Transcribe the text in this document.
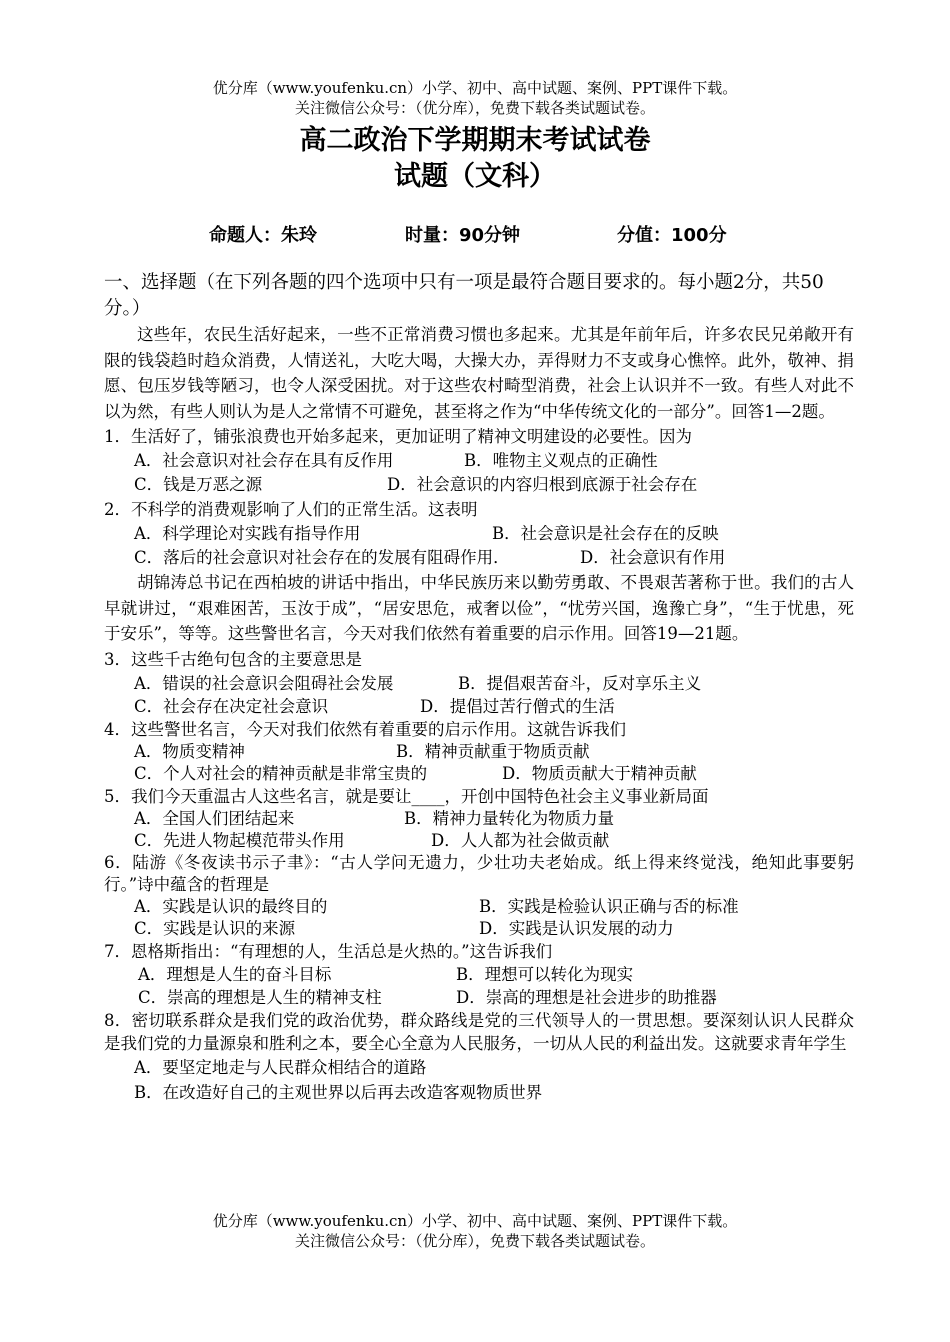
优分库（www.youfenku.cn）小学、初中、高中试题、案例、PPT课件下载。
关注微信公众号：（优分库），免费下载各类试题试卷。
高二政治下学期期末考试试卷
试题（文科）
命题人：朱玲	时量：90分钟	分值：100分

一、选择题（在下列各题的四个选项中只有一项是最符合题目要求的。每小题2分，共50分。）

这些年，农民生活好起来，一些不正常消费习惯也多起来。尤其是年前年后，许多农民兄弟敞开有限的钱袋趋时趋众消费，人情送礼，大吃大喝，大操大办，弄得财力不支或身心憔悴。此外，敬神、捐愿、包压岁钱等陋习，也令人深受困扰。对于这些农村畸型消费，社会上认识并不一致。有些人对此不以为然，有些人则认为是人之常情不可避免，甚至将之作为“中华传统文化的一部分”。回答1—2题。

1．生活好了，铺张浪费也开始多起来，更加证明了精神文明建设的必要性。因为

A．社会意识对社会存在具有反作用	B．唯物主义观点的正确性
C．钱是万恶之源	D．社会意识的内容归根到底源于社会存在

2．不科学的消费观影响了人们的正常生活。这表明

A．科学理论对实践有指导作用	B．社会意识是社会存在的反映
C．落后的社会意识对社会存在的发展有阻碍作用．	D．社会意识有作用

胡锦涛总书记在西柏坡的讲话中指出，中华民族历来以勤劳勇敢、不畏艰苦著称于世。我们的古人早就讲过，“艰难困苦，玉汝于成”，“居安思危，戒奢以俭”，“忧劳兴国，逸豫亡身”，“生于忧患，死于安乐”，等等。这些警世名言，今天对我们依然有着重要的启示作用。回答19—21题。

3．这些千古绝句包含的主要意思是

A．错误的社会意识会阻碍社会发展	B．提倡艰苦奋斗，反对享乐主义
C．社会存在决定社会意识	D．提倡过苦行僧式的生活

4．这些警世名言，今天对我们依然有着重要的启示作用。这就告诉我们

A．物质变精神	B．精神贡献重于物质贡献
C．个人对社会的精神贡献是非常宝贵的	D．物质贡献大于精神贡献

5．我们今天重温古人这些名言，就是要让____，开创中国特色社会主义事业新局面

A．全国人们团结起来	B．精神力量转化为物质力量
C．先进人物起模范带头作用	D．人人都为社会做贡献

6．陆游《冬夜读书示子聿》：“古人学问无遗力，少壮功夫老始成。纸上得来终觉浅，绝知此事要躬行。”诗中蕴含的哲理是

A．实践是认识的最终目的	B．实践是检验认识正确与否的标准
C．实践是认识的来源	D．实践是认识发展的动力

7．恩格斯指出：“有理想的人，生活总是火热的。”这告诉我们

A．理想是人生的奋斗目标	B．理想可以转化为现实
C．崇高的理想是人生的精神支柱	D．崇高的理想是社会进步的助推器

8．密切联系群众是我们党的政治优势，群众路线是党的三代领导人的一贯思想。要深刻认识人民群众是我们党的力量源泉和胜利之本，要全心全意为人民服务，一切从人民的利益出发。这就要求青年学生

A．要坚定地走与人民群众相结合的道路

B．在改造好自己的主观世界以后再去改造客观物质世界

优分库（www.youfenku.cn）小学、初中、高中试题、案例、PPT课件下载。
关注微信公众号：（优分库），免费下载各类试题试卷。
